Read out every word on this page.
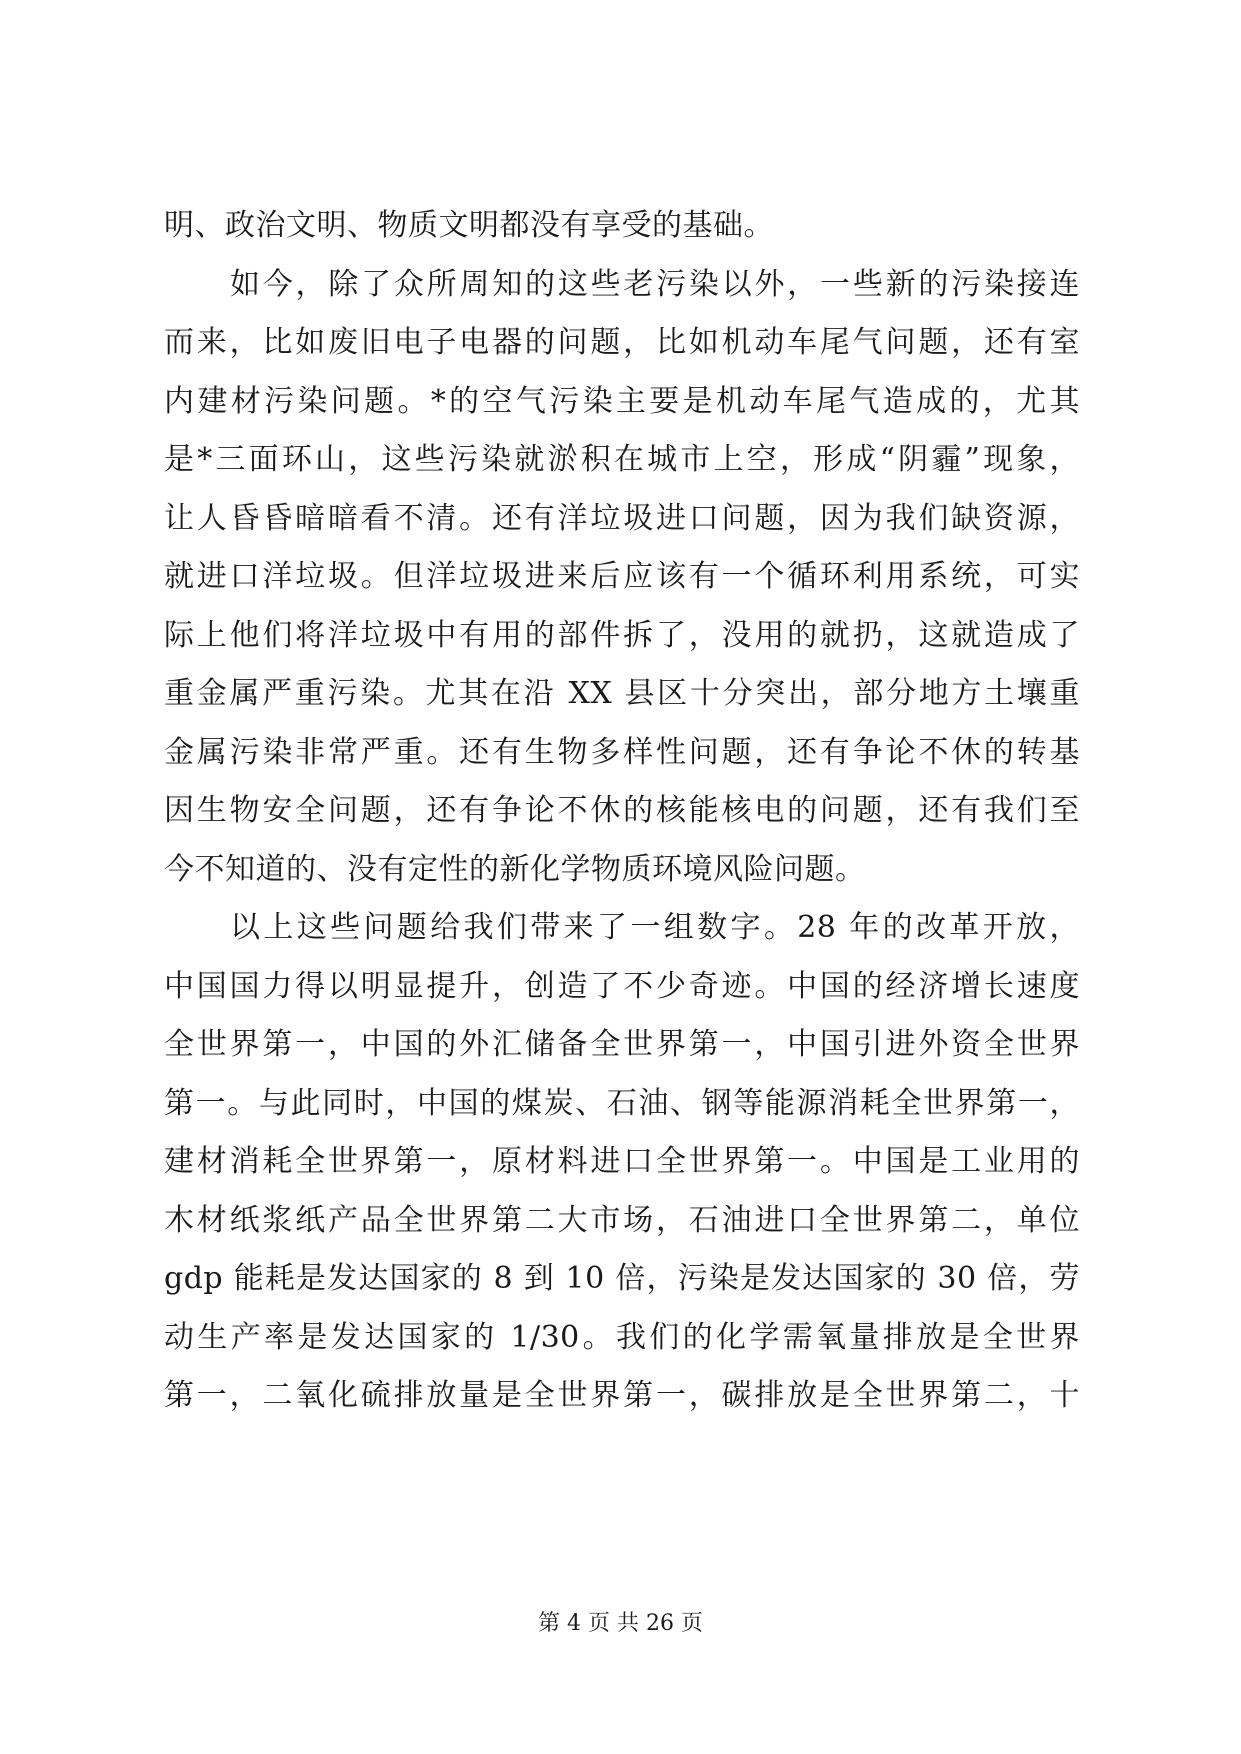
明、政治文明、物质文明都没有享受的基础。
如今，除了众所周知的这些老污染以外，一些新的污染接连
而来，比如废旧电子电器的问题，比如机动车尾气问题，还有室
内建材污染问题。*的空气污染主要是机动车尾气造成的，尤其
是*三面环山，这些污染就淤积在城市上空，形成“阴霾”现象，
让人昏昏暗暗看不清。还有洋垃圾进口问题，因为我们缺资源，
就进口洋垃圾。但洋垃圾进来后应该有一个循环利用系统，可实
际上他们将洋垃圾中有用的部件拆了，没用的就扔，这就造成了
重金属严重污染。尤其在沿 XX 县区十分突出，部分地方土壤重
金属污染非常严重。还有生物多样性问题，还有争论不休的转基
因生物安全问题，还有争论不休的核能核电的问题，还有我们至
今不知道的、没有定性的新化学物质环境风险问题。
以上这些问题给我们带来了一组数字。28 年的改革开放，
中国国力得以明显提升，创造了不少奇迹。中国的经济增长速度
全世界第一，中国的外汇储备全世界第一，中国引进外资全世界
第一。与此同时，中国的煤炭、石油、钢等能源消耗全世界第一，
建材消耗全世界第一，原材料进口全世界第一。中国是工业用的
木材纸浆纸产品全世界第二大市场，石油进口全世界第二，单位
gdp 能耗是发达国家的 8 到 10 倍，污染是发达国家的 30 倍，劳
动生产率是发达国家的 1/30。我们的化学需氧量排放是全世界
第一，二氧化硫排放量是全世界第一，碳排放是全世界第二，十
第 4 页 共 26 页
